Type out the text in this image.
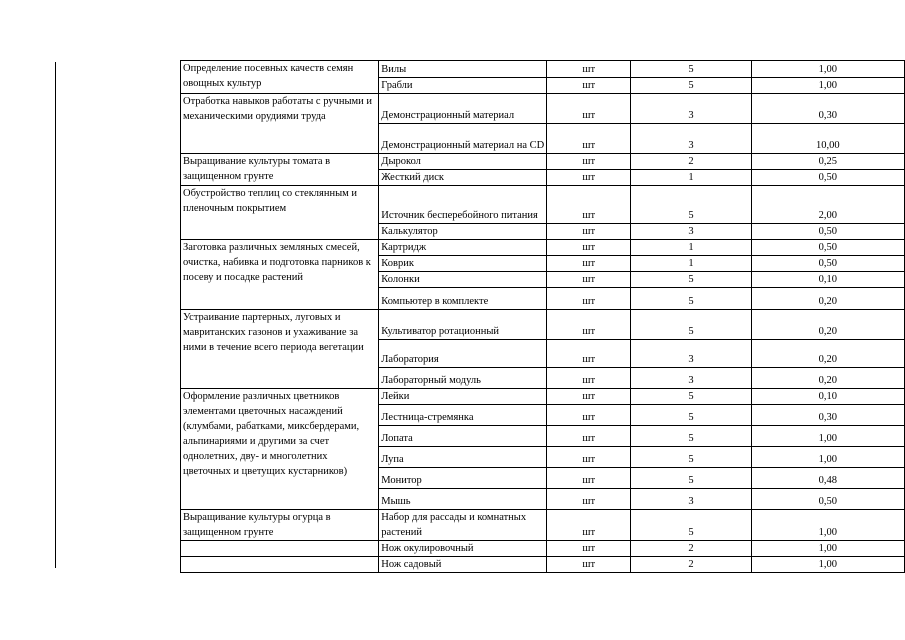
Определение посевных качеств семян овощных культур	Вилы	шт	5	1,00
	Грабли	шт	5	1,00
Отработка навыков работаты с ручными и механическими орудиями труда	Демонстрационный материал	шт	3	0,30
	Демонстрационный материал на CD	шт	3	10,00
Выращивание культуры томата в защищенном грунте	Дырокол	шт	2	0,25
	Жесткий диск	шт	1	0,50
Обустройство теплиц со стеклянным и пленочным покрытием	Источник бесперебойного питания	шт	5	2,00
	Калькулятор	шт	3	0,50
Заготовка различных земляных смесей, очистка, набивка и подготовка парников к посеву и посадке растений	Картридж	шт	1	0,50
	Коврик	шт	1	0,50
	Колонки	шт	5	0,10
	Компьютер в комплекте	шт	5	0,20
Устраивание партерных, луговых и мавританских газонов и ухаживание за ними в течение всего периода вегетации	Культиватор ротационный	шт	5	0,20
	Лаборатория	шт	3	0,20
	Лабораторный модуль	шт	3	0,20
Оформление различных цветников элементами цветочных насаждений (клумбами, рабатками, миксбердерами, альпинариями и другими за счет однолетних, дву- и многолетних цветочных и цветущих кустарников)	Лейки	шт	5	0,10
	Лестница-стремянка	шт	5	0,30
	Лопата	шт	5	1,00
	Лупа	шт	5	1,00
	Монитор	шт	5	0,48
	Мышь	шт	3	0,50
Выращивание культуры огурца в защищенном грунте	Набор для рассады и комнатных растений	шт	5	1,00
	Нож окулировочный	шт	2	1,00
	Нож садовый	шт	2	1,00
